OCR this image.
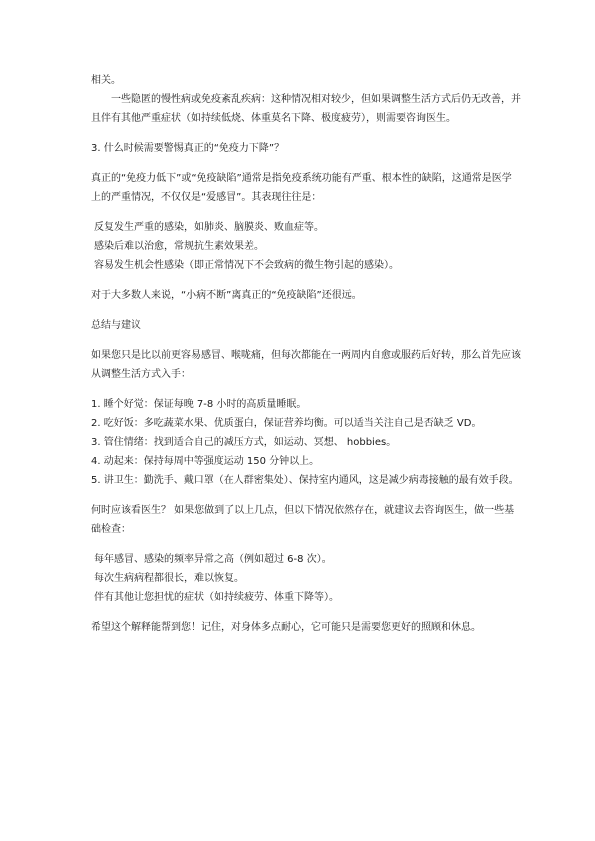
相关。

一些隐匿的慢性病或免疫紊乱疾病：这种情况相对较少，但如果调整生活方式后仍无改善，并且伴有其他严重症状（如持续低烧、体重莫名下降、极度疲劳），则需要咨询医生。

3. 什么时候需要警惕真正的“免疫力下降”？

真正的“免疫力低下”或“免疫缺陷”通常是指免疫系统功能有严重、根本性的缺陷，这通常是医学上的严重情况，不仅仅是“爱感冒”。其表现往往是：

反复发生严重的感染，如肺炎、脑膜炎、败血症等。

感染后难以治愈，常规抗生素效果差。

容易发生机会性感染（即正常情况下不会致病的微生物引起的感染）。

对于大多数人来说，“小病不断”离真正的“免疫缺陷”还很远。

总结与建议

如果您只是比以前更容易感冒、喉咙痛，但每次都能在一两周内自愈或服药后好转，那么首先应该从调整生活方式入手：

1. 睡个好觉：保证每晚 7-8 小时的高质量睡眠。

2. 吃好饭：多吃蔬菜水果、优质蛋白，保证营养均衡。可以适当关注自己是否缺乏 VD。

3. 管住情绪：找到适合自己的减压方式，如运动、冥想、 hobbies。

4. 动起来：保持每周中等强度运动 150 分钟以上。

5. 讲卫生：勤洗手、戴口罩（在人群密集处）、保持室内通风，这是减少病毒接触的最有效手段。

何时应该看医生？ 如果您做到了以上几点，但以下情况依然存在，就建议去咨询医生，做一些基础检查：

每年感冒、感染的频率异常之高（例如超过 6-8 次）。

每次生病病程都很长，难以恢复。

伴有其他让您担忧的症状（如持续疲劳、体重下降等）。

希望这个解释能帮到您！记住，对身体多点耐心，它可能只是需要您更好的照顾和休息。
